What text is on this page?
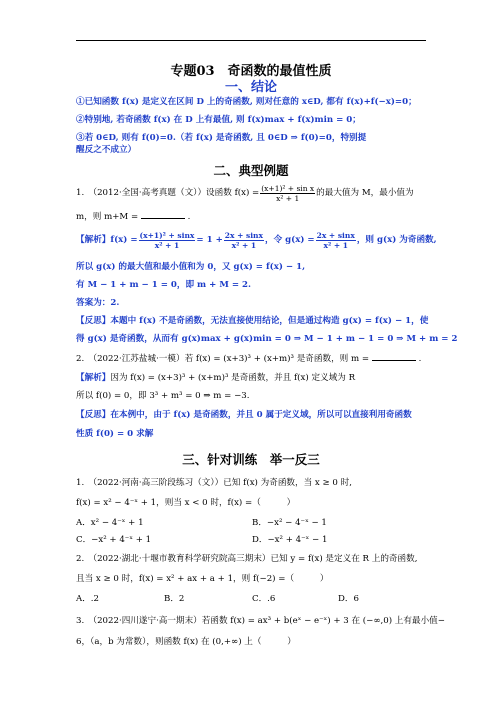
专题03　奇函数的最值性质
一、结论
①已知函数 f(x) 是定义在区间 D 上的奇函数, 则对任意的 x∈D, 都有 f(x)+f(−x)=0；
②特别地, 若奇函数 f(x) 在 D 上有最值, 则 f(x)max + f(x)min = 0；
③若 0∈D, 则有 f(0)=0.（若 f(x) 是奇函数, 且 0∈D ⇒ f(0)=0，特别提
醒反之不成立）
二、典型例题
1.　（2012·全国·高考真题（文））设函数 $f(x) = \frac{\text{(x+1)² + sin x}}{\text{x² + 1}}$ 的最大值为 M，最小值为
m，则 m+M =	.
【解析】 $f(x) = \frac{\text{(x+1)² + sinx}}{\text{x² + 1}} = 1 + \frac{2x + \sin x}{\text{x² + 1}}$ ，令 $g(x) = \frac{2x + \sin x}{\text{x² + 1}}$ ，则 g(x) 为奇函数,
所以 g(x) 的最大值和最小值和为 0，又 g(x) = f(x) − 1,
有 M − 1 + m − 1 = 0，即 m + M = 2.
答案为：2.
【反思】本题中 f(x) 不是奇函数，无法直接使用结论，但是通过构造 g(x) = f(x) − 1，使
得 g(x) 是奇函数，从而有 g(x)max + g(x)min = 0 ⇒ M − 1 + m − 1 = 0 ⇒ M + m = 2
2.　（2022·江苏盐城·一模）若 f(x) = (x+3)³ + (x+m)³ 是奇函数，则 m =	.
【解析】因为 f(x) = (x+3)³ + (x+m)³ 是奇函数，并且 f(x) 定义域为 R
所以 f(0) = 0，即 3³ + m³ = 0 ⇒ m = −3.
【反思】在本例中，由于 f(x) 是奇函数，并且 0 属于定义域，所以可以直接利用奇函数
性质 f(0) = 0 求解
三、针对训练　举一反三
1.　（2022·河南·高三阶段练习（文））已知 f(x) 为奇函数，当 x ≥ 0 时,
f(x) = x² − 4⁻ˣ + 1，则当 x < 0 时，f(x) =（　　　）
A．x² − 4⁻ˣ + 1	B．−x² − 4⁻ˣ − 1
C．−x² + 4⁻ˣ + 1	D．−x² + 4⁻ˣ − 1
2.　（2022·湖北·十堰市教育科学研究院高三期末）已知 y = f(x) 是定义在 R 上的奇函数,
且当 x ≥ 0 时，f(x) = x² + ax + a + 1，则 f(−2) =（　　　）
A．.2	B．2	C．.6	D．6
3.　（2022·四川遂宁·高一期末）若函数 f(x) = ax³ + b(eˣ − e⁻ˣ) + 3 在 (−∞,0) 上有最小值−
6，（a，b 为常数），则函数 f(x) 在 (0,+∞) 上（　　　）
